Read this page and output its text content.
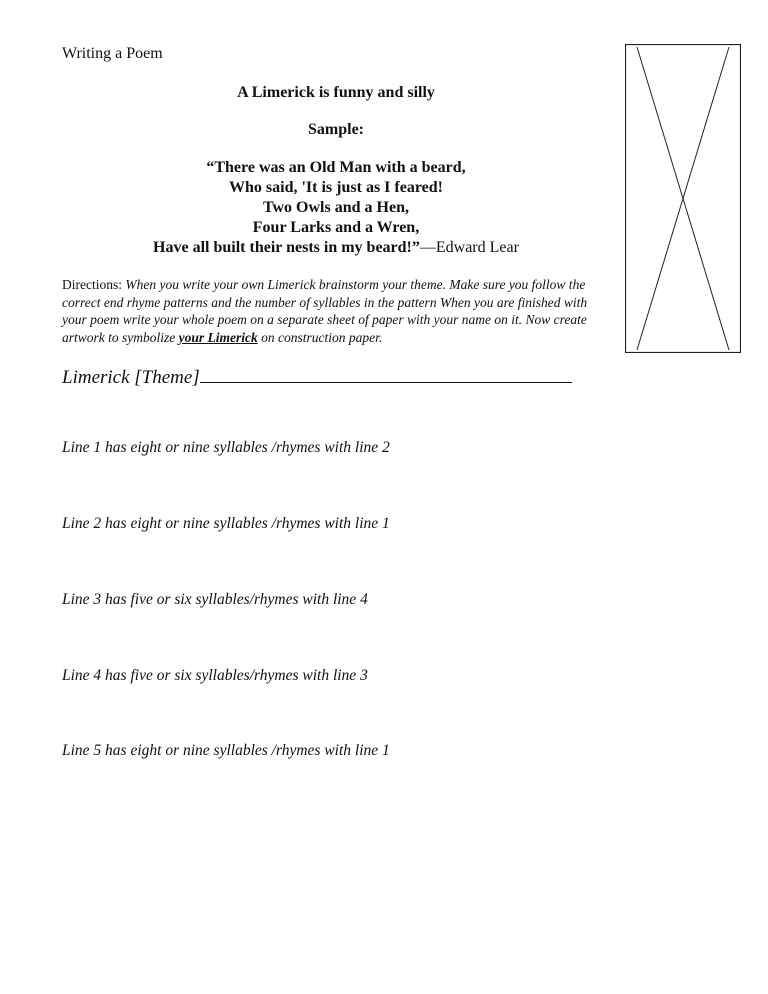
Writing a Poem
A Limerick is funny and silly
Sample:
“There was an Old Man with a beard,
Who said, 'It is just as I feared!
Two Owls and a Hen,
Four Larks and a Wren,
Have all built their nests in my beard!”—Edward Lear
Directions: When you write your own Limerick brainstorm your theme. Make sure you follow the correct end rhyme patterns and the number of syllables in the pattern When you are finished with your poem write your whole poem on a separate sheet of paper with your name on it. Now create artwork to symbolize your Limerick on construction paper.
Limerick [Theme]
Line 1 has eight or nine syllables /rhymes with line 2
Line 2 has eight or nine syllables /rhymes with line 1
Line 3 has five or six syllables/rhymes with line 4
Line 4 has five or six syllables/rhymes with line 3
Line 5 has eight or nine syllables /rhymes with line 1
